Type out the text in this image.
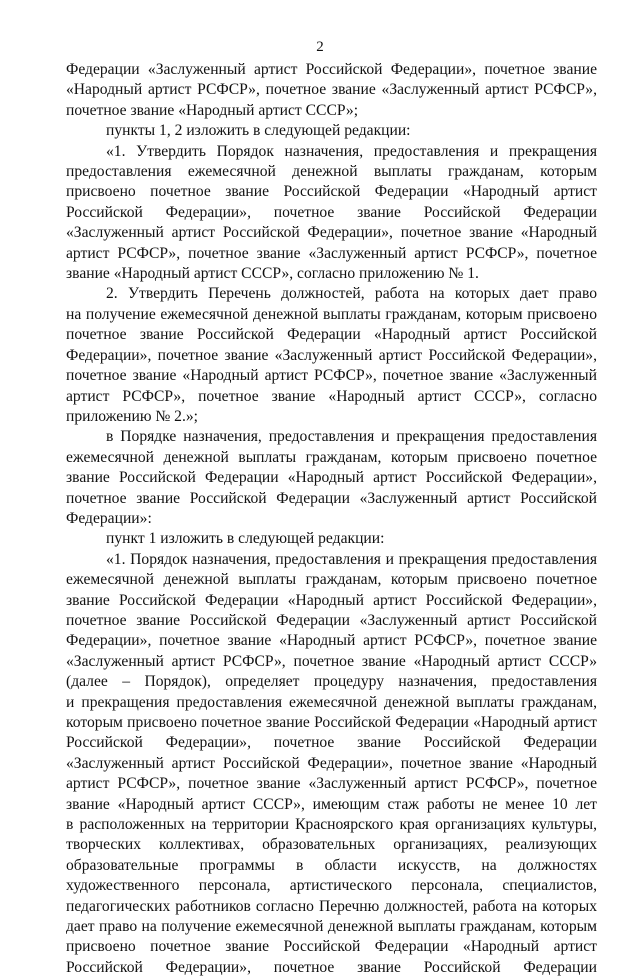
2

Федерации «Заслуженный артист Российской Федерации», почетное звание

«Народный артист РСФСР», почетное звание «Заслуженный артист РСФСР»,

почетное звание «Народный артист СССР»;

пункты 1, 2 изложить в следующей редакции:

«1. Утвердить Порядок назначения, предоставления и прекращения

предоставления ежемесячной денежной выплаты гражданам, которым

присвоено почетное звание Российской Федерации «Народный артист

Российской Федерации», почетное звание Российской Федерации

«Заслуженный артист Российской Федерации», почетное звание «Народный

артист РСФСР», почетное звание «Заслуженный артист РСФСР», почетное

звание «Народный артист СССР», согласно приложению № 1.

2. Утвердить Перечень должностей, работа на которых дает право

на получение ежемесячной денежной выплаты гражданам, которым присвоено

почетное звание Российской Федерации «Народный артист Российской

Федерации», почетное звание «Заслуженный артист Российской Федерации»,

почетное звание «Народный артист РСФСР», почетное звание «Заслуженный

артист РСФСР», почетное звание «Народный артист СССР», согласно

приложению № 2.»;

в Порядке назначения, предоставления и прекращения предоставления

ежемесячной денежной выплаты гражданам, которым присвоено почетное

звание Российской Федерации «Народный артист Российской Федерации»,

почетное звание Российской Федерации «Заслуженный артист Российской

Федерации»:

пункт 1 изложить в следующей редакции:

«1. Порядок назначения, предоставления и прекращения предоставления

ежемесячной денежной выплаты гражданам, которым присвоено почетное

звание Российской Федерации «Народный артист Российской Федерации»,

почетное звание Российской Федерации «Заслуженный артист Российской

Федерации», почетное звание «Народный артист РСФСР», почетное звание

«Заслуженный артист РСФСР», почетное звание «Народный артист СССР»

(далее – Порядок), определяет процедуру назначения, предоставления

и прекращения предоставления ежемесячной денежной выплаты гражданам,

которым присвоено почетное звание Российской Федерации «Народный артист

Российской Федерации», почетное звание Российской Федерации

«Заслуженный артист Российской Федерации», почетное звание «Народный

артист РСФСР», почетное звание «Заслуженный артист РСФСР», почетное

звание «Народный артист СССР», имеющим стаж работы не менее 10 лет

в расположенных на территории Красноярского края организациях культуры,

творческих коллективах, образовательных организациях, реализующих

образовательные программы в области искусств, на должностях

художественного персонала, артистического персонала, специалистов,

педагогических работников согласно Перечню должностей, работа на которых

дает право на получение ежемесячной денежной выплаты гражданам, которым

присвоено почетное звание Российской Федерации «Народный артист

Российской Федерации», почетное звание Российской Федерации
